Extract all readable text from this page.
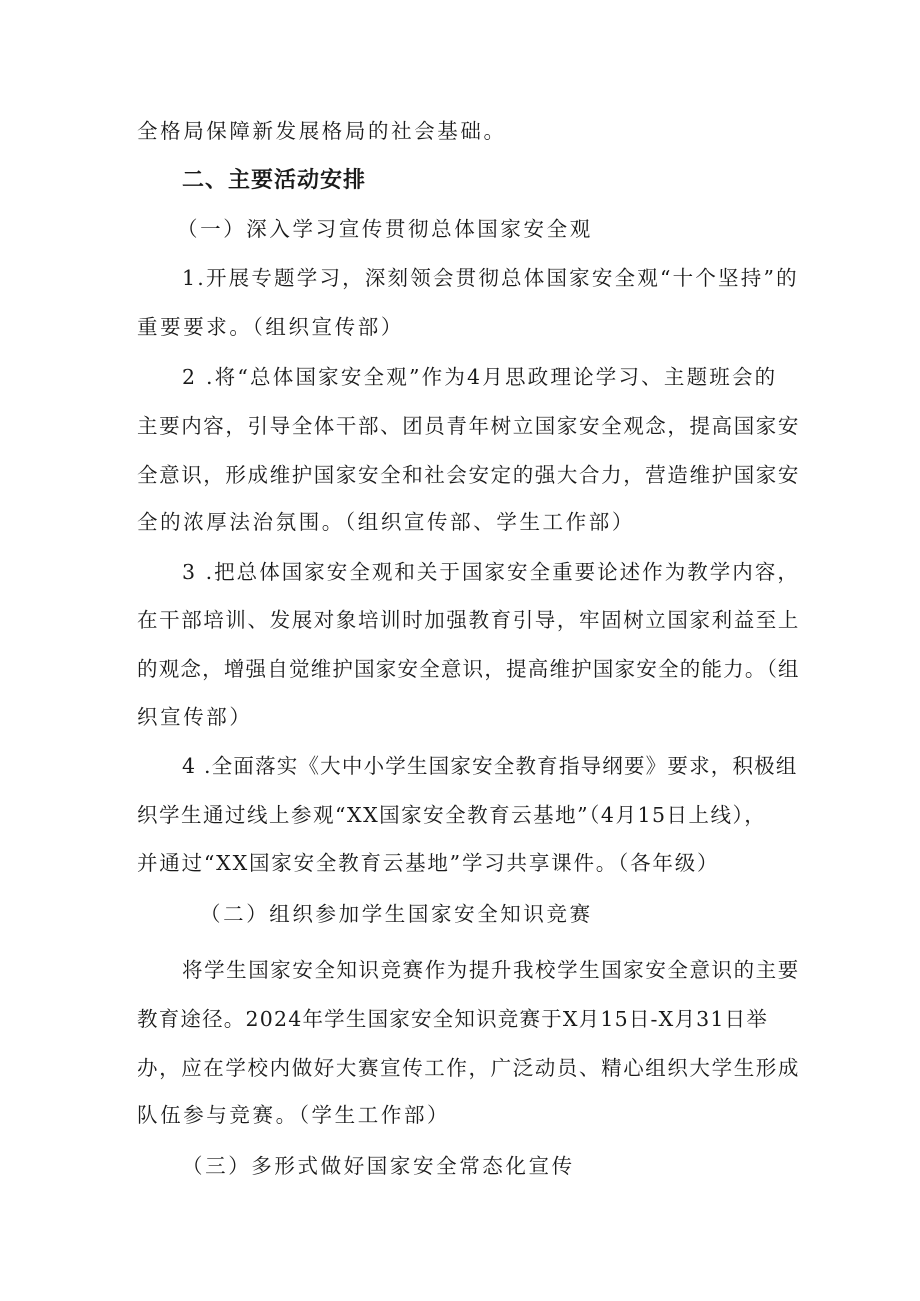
全格局保障新发展格局的社会基础。
二、主要活动安排
（一）深入学习宣传贯彻总体国家安全观
1.开展专题学习，深刻领会贯彻总体国家安全观“十个坚持”的
重要要求。（组织宣传部）
2 .将“总体国家安全观”作为4月思政理论学习、主题班会的
主要内容，引导全体干部、团员青年树立国家安全观念，提高国家安
全意识，形成维护国家安全和社会安定的强大合力，营造维护国家安
全的浓厚法治氛围。（组织宣传部、学生工作部）
3 .把总体国家安全观和关于国家安全重要论述作为教学内容，
在干部培训、发展对象培训时加强教育引导，牢固树立国家利益至上
的观念，增强自觉维护国家安全意识，提高维护国家安全的能力。（组
织宣传部）
4 .全面落实《大中小学生国家安全教育指导纲要》要求，积极组
织学生通过线上参观“XX国家安全教育云基地”（4月15日上线），
并通过“XX国家安全教育云基地”学习共享课件。（各年级）
（二）组织参加学生国家安全知识竞赛
将学生国家安全知识竞赛作为提升我校学生国家安全意识的主要
教育途径。2024年学生国家安全知识竞赛于X月15日-X月31日举
办，应在学校内做好大赛宣传工作，广泛动员、精心组织大学生形成
队伍参与竞赛。（学生工作部）
（三）多形式做好国家安全常态化宣传
